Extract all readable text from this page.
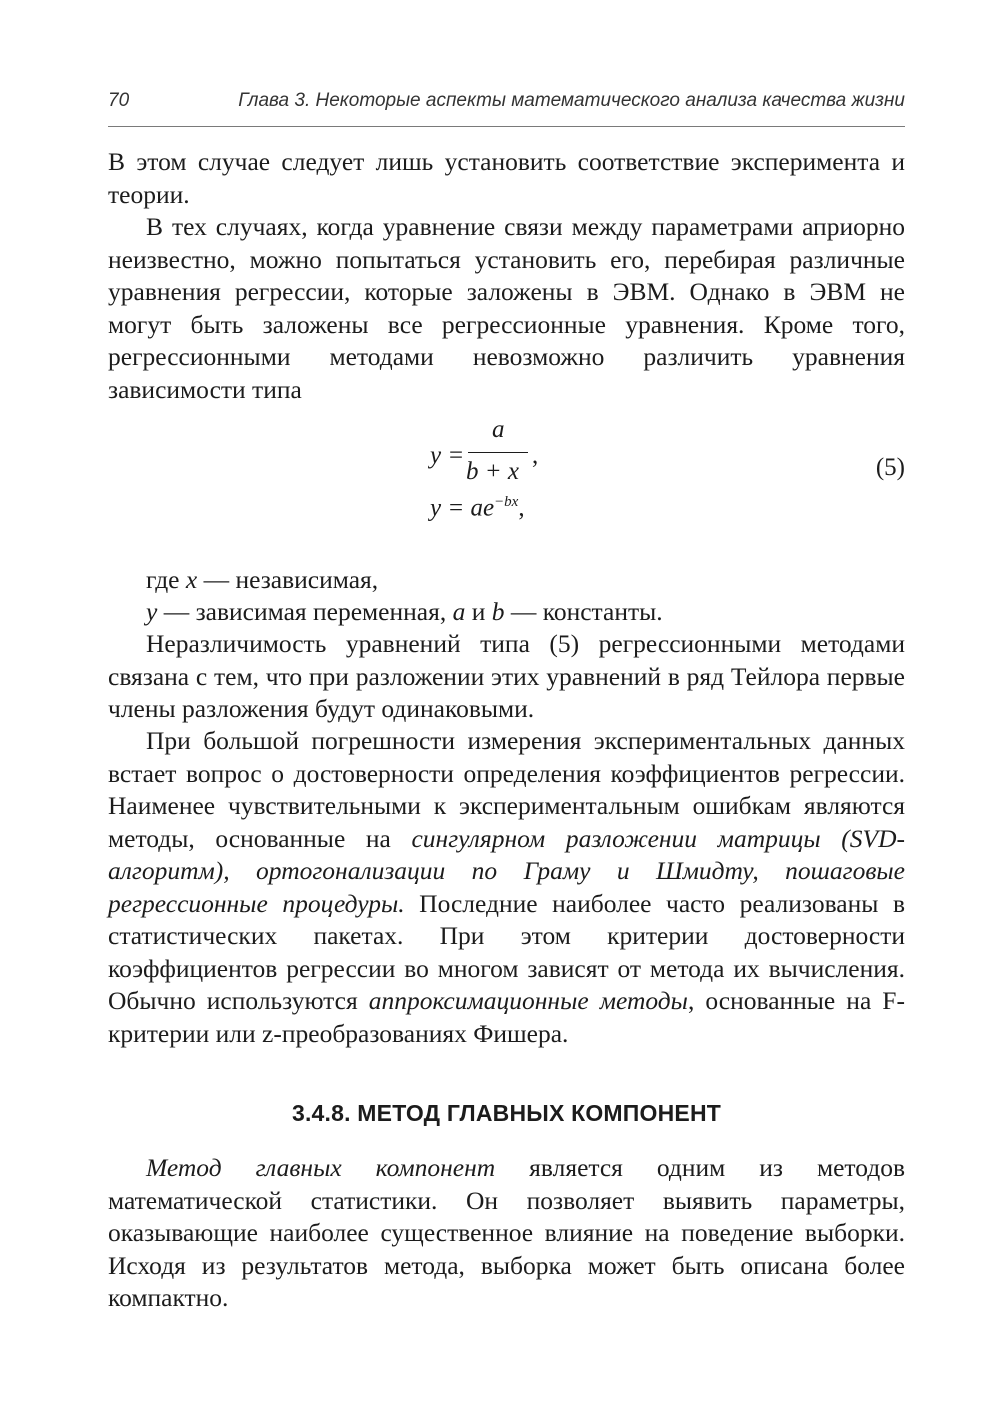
70	Глава 3. Некоторые аспекты математического анализа качества жизни

В этом случае следует лишь установить соответствие эксперимента и теории.

В тех случаях, когда уравнение связи между параметрами априорно неизвестно, можно попытаться установить его, перебирая различные уравнения регрессии, которые заложены в ЭВМ. Однако в ЭВМ не могут быть заложены все регрессионные уравнения. Кроме того, регрессионными методами невозможно различить уравнения зависимости типа

y =
a
b + x
,
$y = ae^{-bx}$,
(5)
где x — независимая,
y — зависимая переменная, a и b — константы.

Неразличимость уравнений типа (5) регрессионными методами связана с тем, что при разложении этих уравнений в ряд Тейлора первые члены разложения будут одинаковыми.

При большой погрешности измерения экспериментальных данных встает вопрос о достоверности определения коэффициентов регрессии. Наименее чувствительными к экспериментальным ошибкам являются методы, основанные на сингулярном разложении матрицы (SVD-алгоритм), ортогонализации по Граму и Шмидту, пошаговые регрессионные процедуры. Последние наиболее часто реализованы в статистических пакетах. При этом критерии достоверности коэффициентов регрессии во многом зависят от метода их вычисления. Обычно используются аппроксимационные методы, основанные на F-критерии или z-преобразованиях Фишера.

3.4.8. МЕТОД ГЛАВНЫХ КОМПОНЕНТ

Метод главных компонент является одним из методов математической статистики. Он позволяет выявить параметры, оказывающие наиболее существенное влияние на поведение выборки. Исходя из результатов метода, выборка может быть описана более компактно.
